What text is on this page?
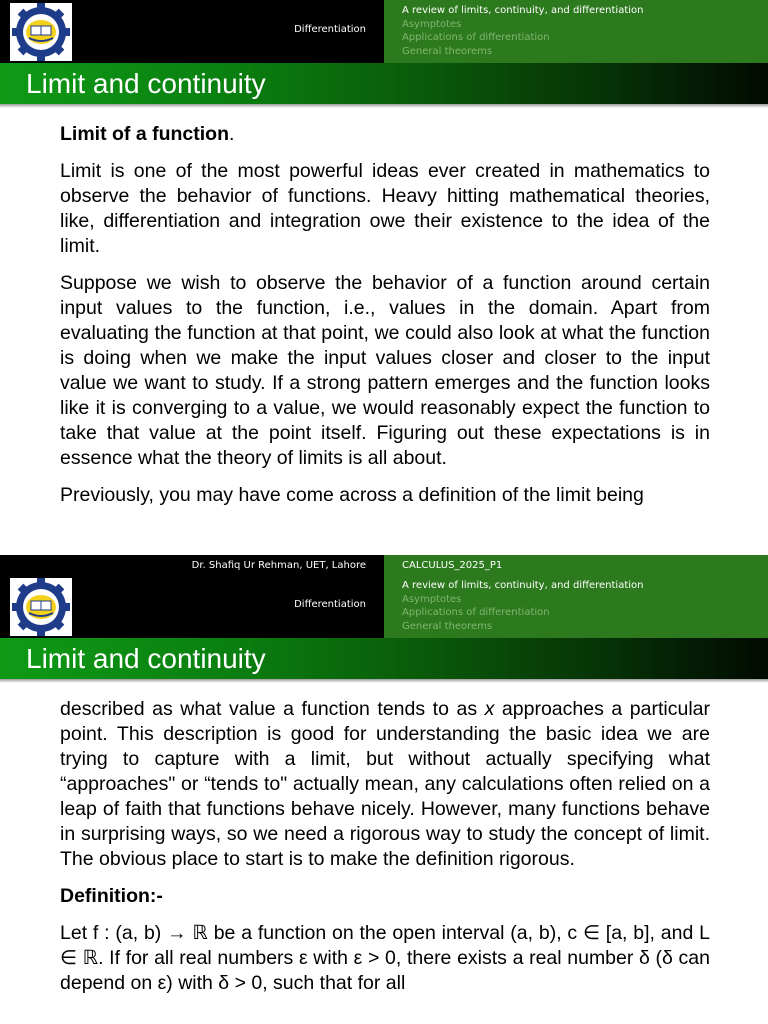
Differentiation
A review of limits, continuity, and differentiation
Asymptotes
Applications of differentiation
General theorems
Limit and continuity

Limit of a function.

Limit is one of the most powerful ideas ever created in mathematics to observe the behavior of functions. Heavy hitting mathematical theories, like, differentiation and integration owe their existence to the idea of the limit.

Suppose we wish to observe the behavior of a function around certain input values to the function, i.e., values in the domain. Apart from evaluating the function at that point, we could also look at what the function is doing when we make the input values closer and closer to the input value we want to study. If a strong pattern emerges and the function looks like it is converging to a value, we would reasonably expect the function to take that value at the point itself. Figuring out these expectations is in essence what the theory of limits is all about.

Previously, you may have come across a definition of the limit being

Dr. Shafiq Ur Rehman, UET, Lahore	CALCULUS_2025_P1
Differentiation
A review of limits, continuity, and differentiation
Asymptotes
Applications of differentiation
General theorems
Limit and continuity

described as what value a function tends to as x approaches a particular point. This description is good for understanding the basic idea we are trying to capture with a limit, but without actually specifying what “approaches" or “tends to" actually mean, any calculations often relied on a leap of faith that functions behave nicely. However, many functions behave in surprising ways, so we need a rigorous way to study the concept of limit. The obvious place to start is to make the definition rigorous.

Definition:-

Let f : (a, b) → ℝ be a function on the open interval (a, b), c ∈ [a, b], and L ∈ ℝ. If for all real numbers ε with ε > 0, there exists a real number δ (δ can depend on ε) with δ > 0, such that for all
